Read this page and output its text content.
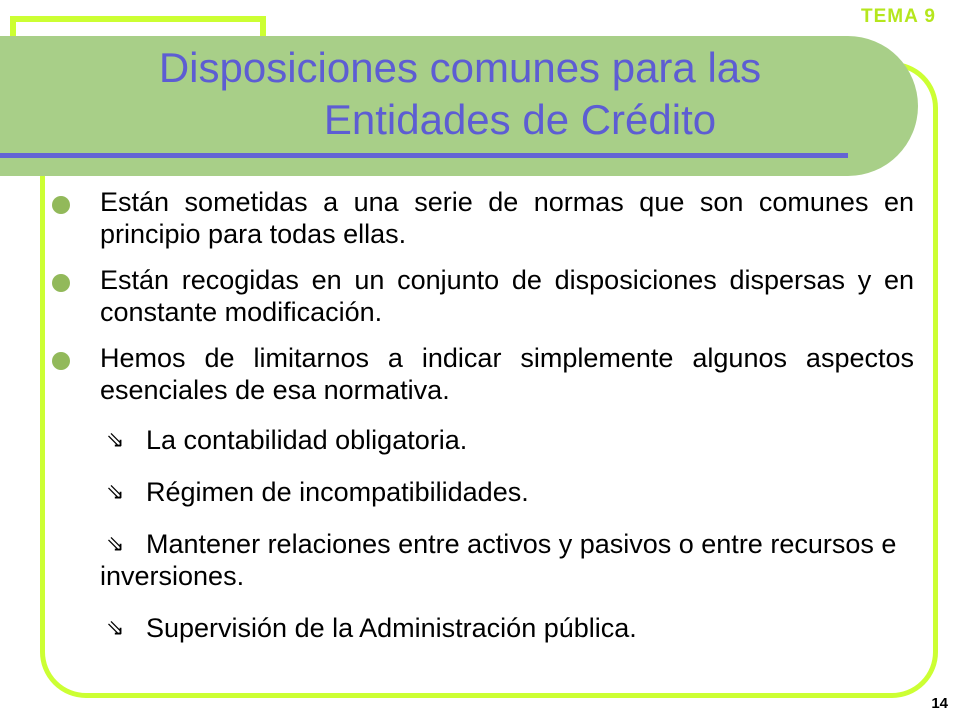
Disposiciones comunes para las
Entidades de Crédito
TEMA 9
14
Están sometidas a una serie de normas que son comunes en principio para todas ellas.
Están recogidas en un conjunto de disposiciones dispersas y en constante modificación.
Hemos de limitarnos a indicar simplemente algunos aspectos esenciales de esa normativa.
⇘ La contabilidad obligatoria.
⇘ Régimen de incompatibilidades.
⇘ Mantener relaciones entre activos y pasivos o entre recursos e inversiones.
⇘ Supervisión de la Administración pública.
